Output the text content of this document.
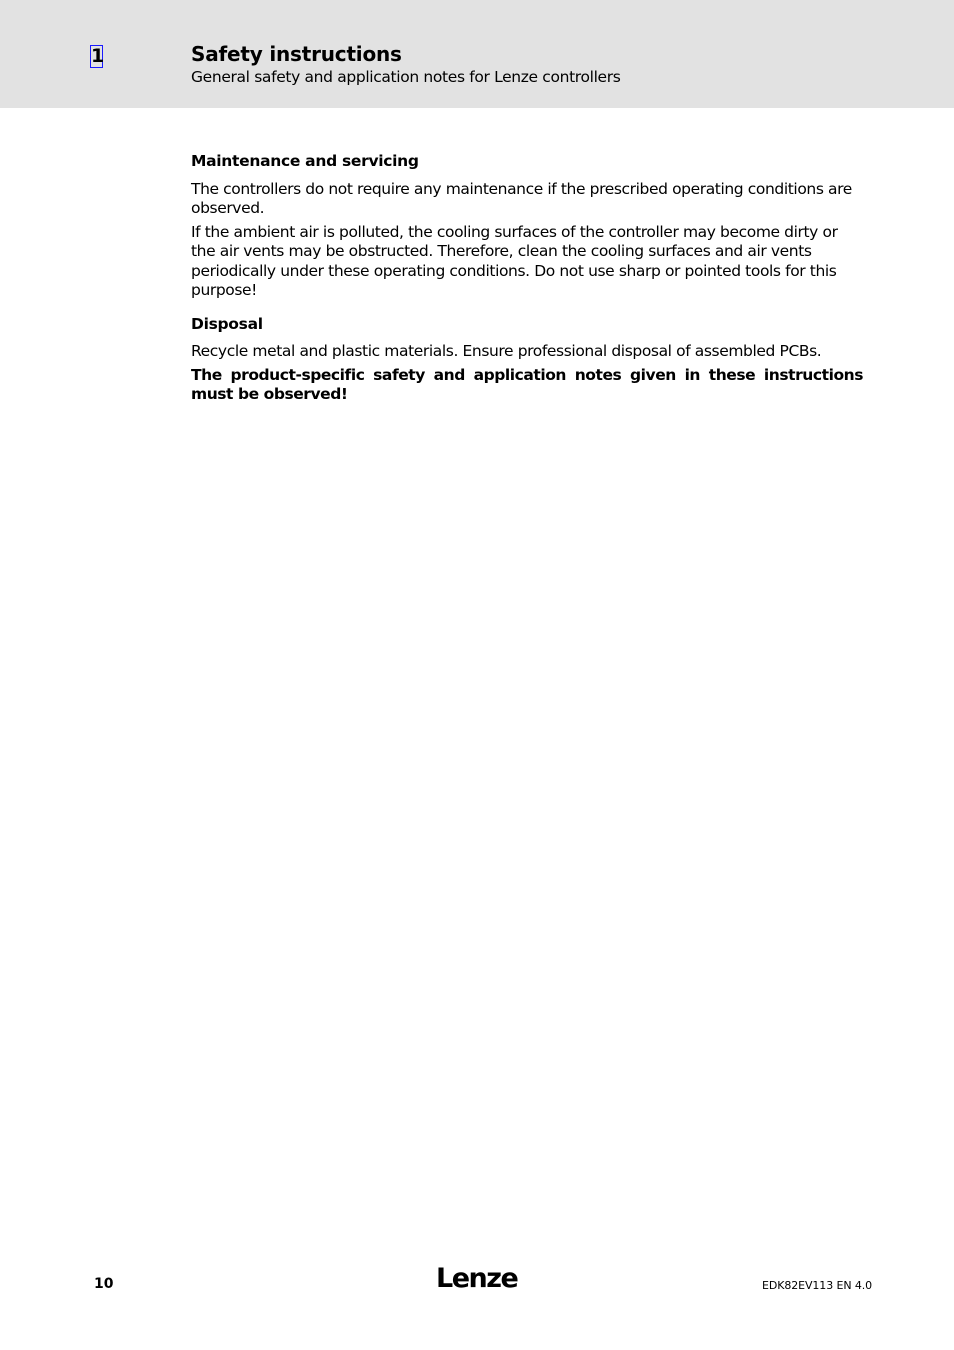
1	Safety instructions
General safety and application notes for Lenze controllers
Maintenance and servicing

The controllers do not require any maintenance if the prescribed operating conditions are observed.

If the ambient air is polluted, the cooling surfaces of the controller may become dirty or the air vents may be obstructed. Therefore, clean the cooling surfaces and air vents periodically under these operating conditions. Do not use sharp or pointed tools for this purpose!

Disposal

Recycle metal and plastic materials. Ensure professional disposal of assembled PCBs.

The product-specific safety and application notes given in these instructions must be observed!

10	Lenze	EDK82EV113 EN 4.0
